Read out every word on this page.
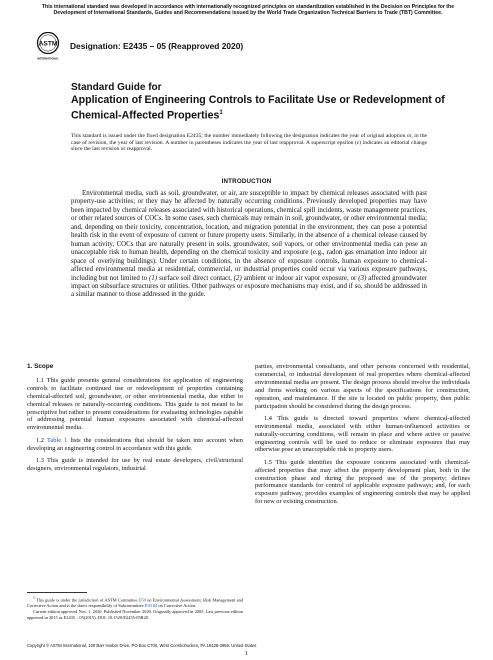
This international standard was developed in accordance with internationally recognized principles on standardization established in the Decision on Principles for the Development of International Standards, Guides and Recommendations issued by the World Trade Organization Technical Barriers to Trade (TBT) Committee.
ASTM
INTERNATIONAL
Designation: E2435 – 05 (Reapproved 2020)
Standard Guide for
Application of Engineering Controls to Facilitate Use or Redevelopment of Chemical-Affected Properties$^1$
This standard is issued under the fixed designation E2435; the number immediately following the designation indicates the year of original adoption or, in the case of revision, the year of last revision. A number in parentheses indicates the year of last reapproval. A superscript epsilon (ε) indicates an editorial change since the last revision or reapproval.
INTRODUCTION

Environmental media, such as soil, groundwater, or air, are susceptible to impact by chemical releases associated with past property-use activities; or they may be affected by naturally occurring conditions. Previously developed properties may have been impacted by chemical releases associated with historical operations, chemical spill incidents, waste management practices, or other related sources of COCs. In some cases, such chemicals may remain in soil, groundwater, or other environmental media; and, depending on their toxicity, concentration, location, and migration potential in the environment, they can pose a potential health risk in the event of exposure of current or future property users. Similarly, in the absence of a chemical release caused by human activity, COCs that are naturally present in soils, groundwater, soil vapors, or other environmental media can pose an unacceptable risk to human health, depending on the chemical toxicity and exposure (e.g., radon gas emanation into indoor air space of overlying buildings). Under certain conditions, in the absence of exposure controls, human exposure to chemical-affected environmental media at residential, commercial, or industrial properties could occur via various exposure pathways, including but not limited to (1) surface soil direct contact, (2) ambient or indoor air vapor exposure, or (3) affected groundwater impact on subsurface structures or utilities. Other pathways or exposure mechanisms may exist, and if so, should be addressed in a similar manner to those addressed in the guide.

1. Scope

1.1 This guide presents general considerations for application of engineering controls to facilitate continued use or redevelopment of properties containing chemical-affected soil, groundwater, or other environmental media, due either to chemical releases or naturally-occurring conditions. This guide is not meant to be prescriptive but rather to present considerations for evaluating technologies capable of addressing potential human exposures associated with chemical-affected environmental media.

1.2 Table 1 lists the considerations that should be taken into account when developing an engineering control in accordance with this guide.

1.3 This guide is intended for use by real estate developers, civil/structural designers, environmental regulators, industrial

parties, environmental consultants, and other persons concerned with residential, commercial, or industrial development of real properties where chemical-affected environmental media are present. The design process should involve the individuals and firms working on various aspects of the specifications for construction, operation, and maintenance. If the site is located on public property, then public participation should be considered during the design process.

1.4 This guide is directed toward properties where chemical-affected environmental media, associated with either human-influenced activities or naturally-occurring conditions, will remain in place and where active or passive engineering controls will be used to reduce or eliminate exposures that may otherwise pose an unacceptable risk to property users.

1.5 This guide identifies the exposure concerns associated with chemical-affected properties that may affect the property development plan, both in the construction phase and during the proposed use of the property; defines performance standards for control of applicable exposure pathways; and, for each exposure pathway, provides examples of engineering controls that may be applied for new or existing construction.

$^1$ This guide is under the jurisdiction of ASTM Committee E50 on Environmental Assessment, Risk Management and Corrective Action and is the direct responsibility of Subcommittee E50.04 on Corrective Action.

Current edition approved Nov. 1, 2020. Published November 2020. Originally approved in 2005. Last previous edition approved in 2015 as E2435 – 05(2015). DOI: 10.1520/E2435-05R20.

Copyright © ASTM International, 100 Barr Harbor Drive, PO Box C700, West Conshohocken, PA 19428-2959. United States
1
